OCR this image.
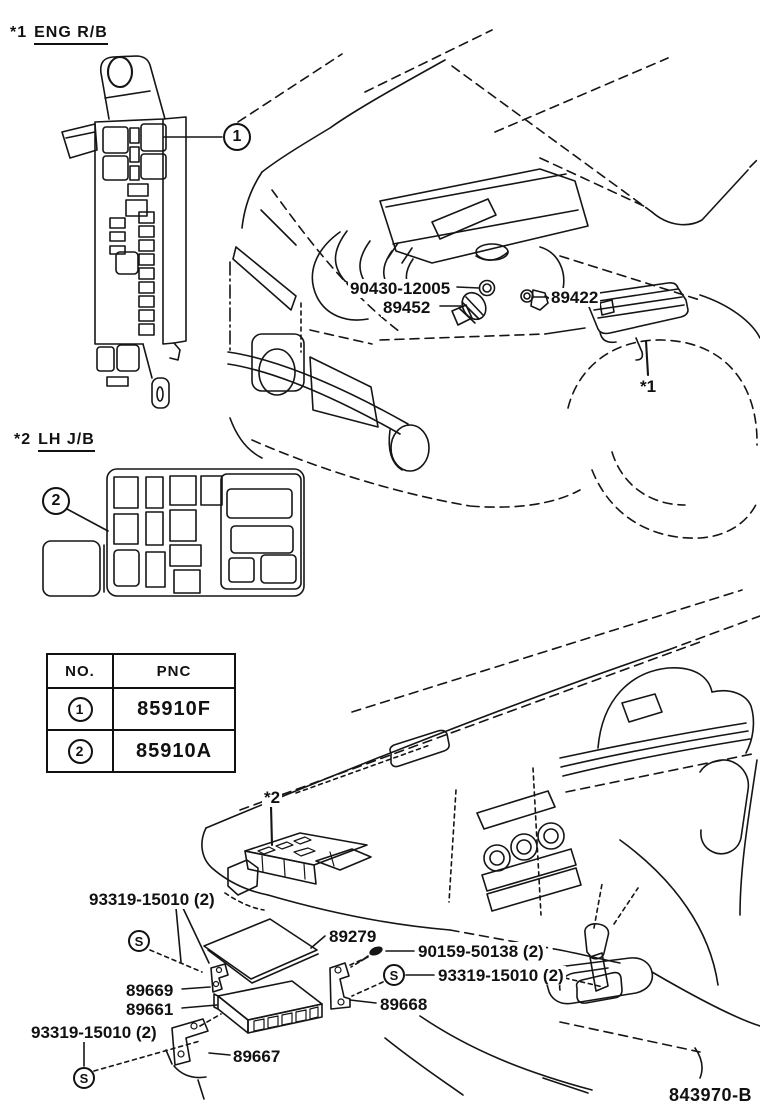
*1 ENG R/B
1
*2 LH J/B
2
NO.	PNC
1	85910F
2	85910A
90430-12005
89452
89422
*1
*2
93319-15010 (2)
89279
90159-50138 (2)
93319-15010 (2)
89669
89661	89668
93319-15010 (2)
89667
S
S
S
843970-B
